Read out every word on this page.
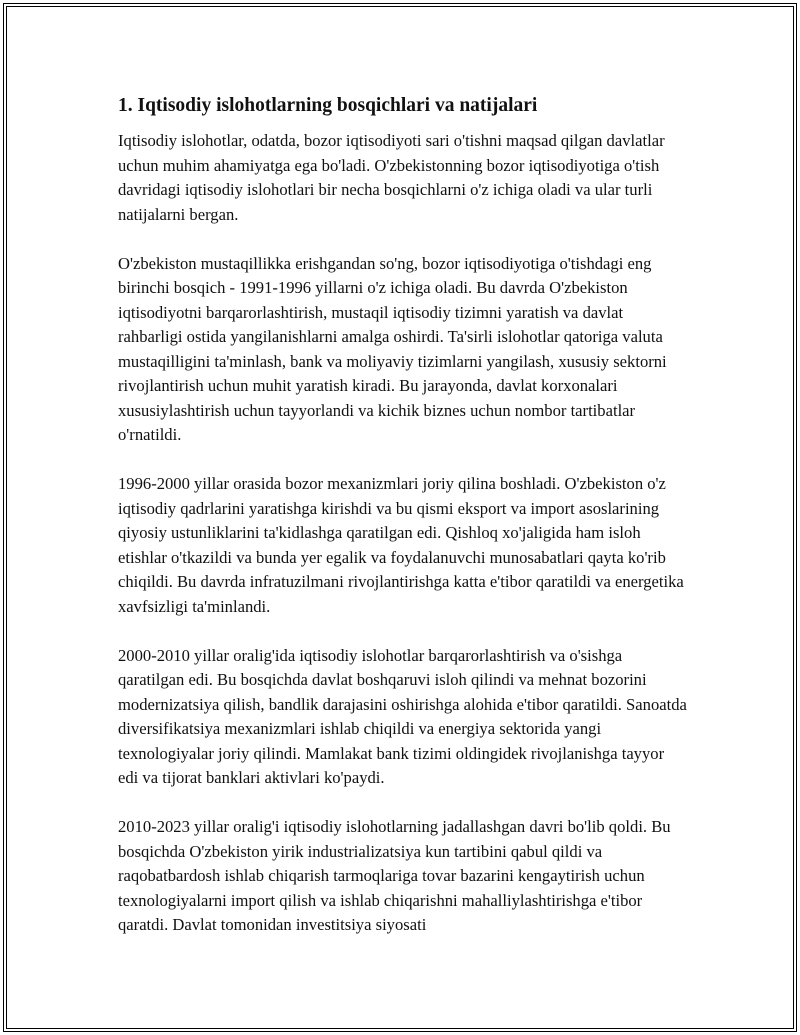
1. Iqtisodiy islohotlarning bosqichlari va natijalari

Iqtisodiy islohotlar, odatda, bozor iqtisodiyoti sari o'tishni maqsad qilgan davlatlar uchun muhim ahamiyatga ega bo'ladi. O'zbekistonning bozor iqtisodiyotiga o'tish davridagi iqtisodiy islohotlari bir necha bosqichlarni o'z ichiga oladi va ular turli natijalarni bergan.

O'zbekiston mustaqillikka erishgandan so'ng, bozor iqtisodiyotiga o'tishdagi eng birinchi bosqich - 1991-1996 yillarni o'z ichiga oladi. Bu davrda O'zbekiston iqtisodiyotni barqarorlashtirish, mustaqil iqtisodiy tizimni yaratish va davlat rahbarligi ostida yangilanishlarni amalga oshirdi. Ta'sirli islohotlar qatoriga valuta mustaqilligini ta'minlash, bank va moliyaviy tizimlarni yangilash, xususiy sektorni rivojlantirish uchun muhit yaratish kiradi. Bu jarayonda, davlat korxonalari xususiylashtirish uchun tayyorlandi va kichik biznes uchun nombor tartibatlar o'rnatildi.

1996-2000 yillar orasida bozor mexanizmlari joriy qilina boshladi. O'zbekiston o'z iqtisodiy qadrlarini yaratishga kirishdi va bu qismi eksport va import asoslarining qiyosiy ustunliklarini ta'kidlashga qaratilgan edi. Qishloq xo'jaligida ham isloh etishlar o'tkazildi va bunda yer egalik va foydalanuvchi munosabatlari qayta ko'rib chiqildi. Bu davrda infratuzilmani rivojlantirishga katta e'tibor qaratildi va energetika xavfsizligi ta'minlandi.

2000-2010 yillar oralig'ida iqtisodiy islohotlar barqarorlashtirish va o'sishga qaratilgan edi. Bu bosqichda davlat boshqaruvi isloh qilindi va mehnat bozorini modernizatsiya qilish, bandlik darajasini oshirishga alohida e'tibor qaratildi. Sanoatda diversifikatsiya mexanizmlari ishlab chiqildi va energiya sektorida yangi texnologiyalar joriy qilindi. Mamlakat bank tizimi oldingidek rivojlanishga tayyor edi va tijorat banklari aktivlari ko'paydi.

2010-2023 yillar oralig'i iqtisodiy islohotlarning jadallashgan davri bo'lib qoldi. Bu bosqichda O'zbekiston yirik industrializatsiya kun tartibini qabul qildi va raqobatbardosh ishlab chiqarish tarmoqlariga tovar bazarini kengaytirish uchun texnologiyalarni import qilish va ishlab chiqarishni mahalliylashtirishga e'tibor qaratdi. Davlat tomonidan investitsiya siyosati
